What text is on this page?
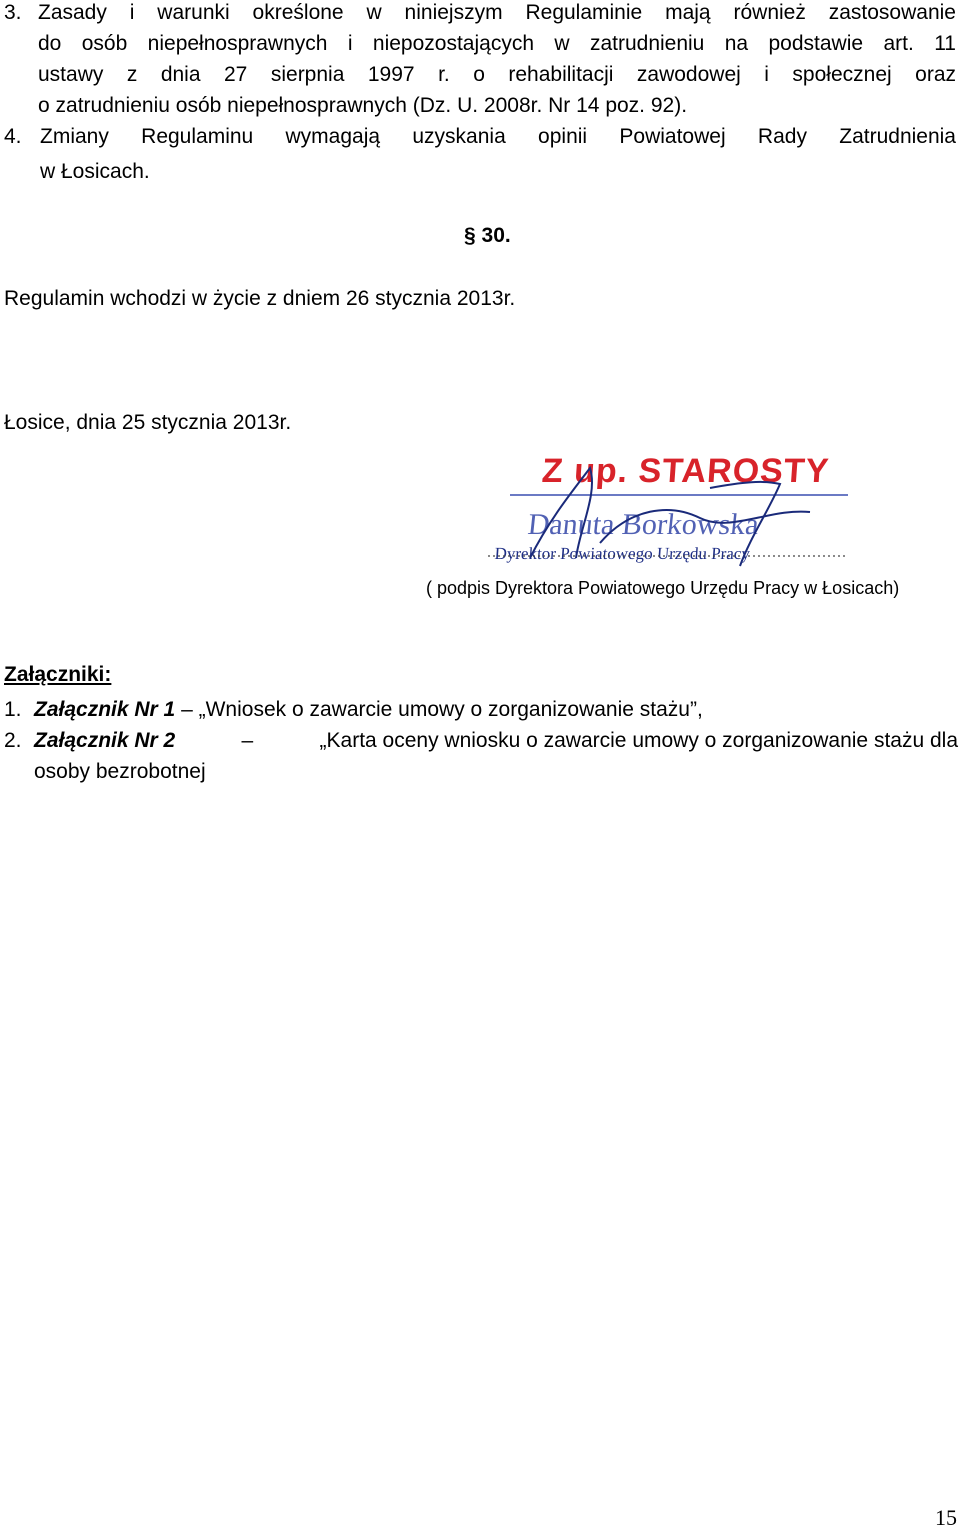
3. Zasady i warunki określone w niniejszym Regulaminie mają również zastosowanie
do osób niepełnosprawnych i niepozostających w zatrudnieniu na podstawie art. 11
ustawy z dnia 27 sierpnia 1997 r. o rehabilitacji zawodowej i społecznej oraz
o zatrudnieniu osób niepełnosprawnych (Dz. U. 2008r. Nr 14 poz. 92).
4. Zmiany Regulaminu wymagają uzyskania opinii Powiatowej Rady Zatrudnienia
w Łosicach.
§ 30.
Regulamin wchodzi w życie z dniem 26 stycznia 2013r.
Łosice, dnia 25 stycznia 2013r.
Z up. STAROSTY
Danuta Borkowska
Dyrektor Powiatowego Urzędu Pracy
( podpis Dyrektora Powiatowego Urzędu Pracy w Łosicach)
Załączniki:
1. Załącznik Nr 1 – „Wniosek o zawarcie umowy o zorganizowanie stażu”,
2. Załącznik Nr 2	–	„Karta oceny wniosku o zawarcie umowy o zorganizowanie stażu dla
osoby bezrobotnej
15
